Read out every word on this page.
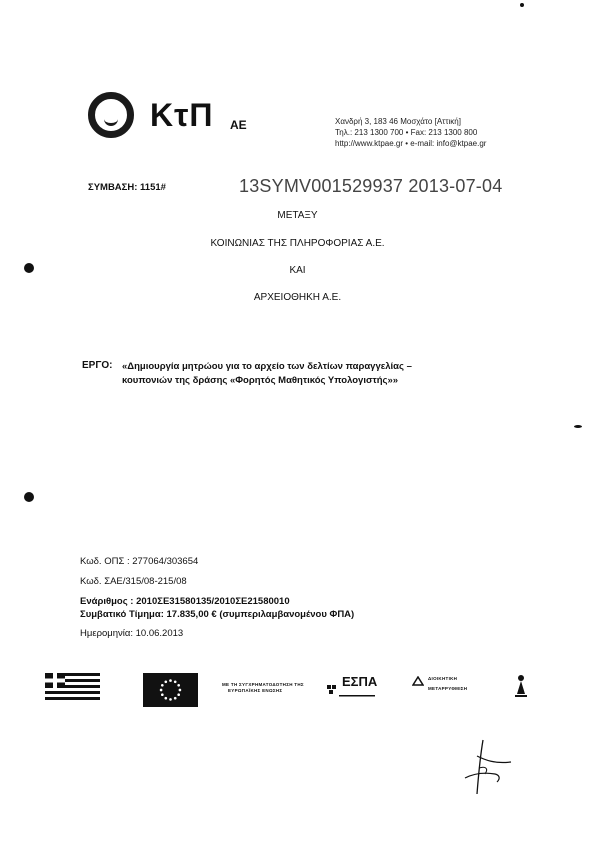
ΚτΠ ΑΕ	Χανδρή 3, 183 46 Μοσχάτο [Αττική]
Τηλ.: 213 1300 700 • Fax: 213 1300 800
http://www.ktpae.gr • e-mail: info@ktpae.gr
ΣΥΜΒΑΣΗ: 1151#	13SYMV001529937 2013-07-04
ΜΕΤΑΞΥ
ΚΟΙΝΩΝΙΑΣ ΤΗΣ ΠΛΗΡΟΦΟΡΙΑΣ Α.Ε.
ΚΑΙ
ΑΡΧΕΙΟΘΗΚΗ Α.Ε.
ΕΡΓΟ: «Δημιουργία μητρώου για το αρχείο των δελτίων παραγγελίας –
κουπονιών της δράσης «Φορητός Μαθητικός Υπολογιστής»»
Κωδ. ΟΠΣ : 277064/303654
Κωδ. ΣΑΕ/315/08-215/08
Ενάριθμος : 2010ΣΕ31580135/2010ΣΕ21580010
Συμβατικό Τίμημα: 17.835,00 € (συμπεριλαμβανομένου ΦΠΑ)
Ημερομηνία: 10.06.2013
ΜΕ ΤΗ ΣΥΓΧΡΗΜΑΤΟΔΟΤΗΣΗ ΤΗΣ
ΕΥΡΩΠΑΪΚΗΣ ΕΝΩΣΗΣ
ΕΣΠΑ	ΔΙΟΙΚΗΤΙΚΗ
ΜΕΤΑΡΡΥΘΜΙΣΗ
